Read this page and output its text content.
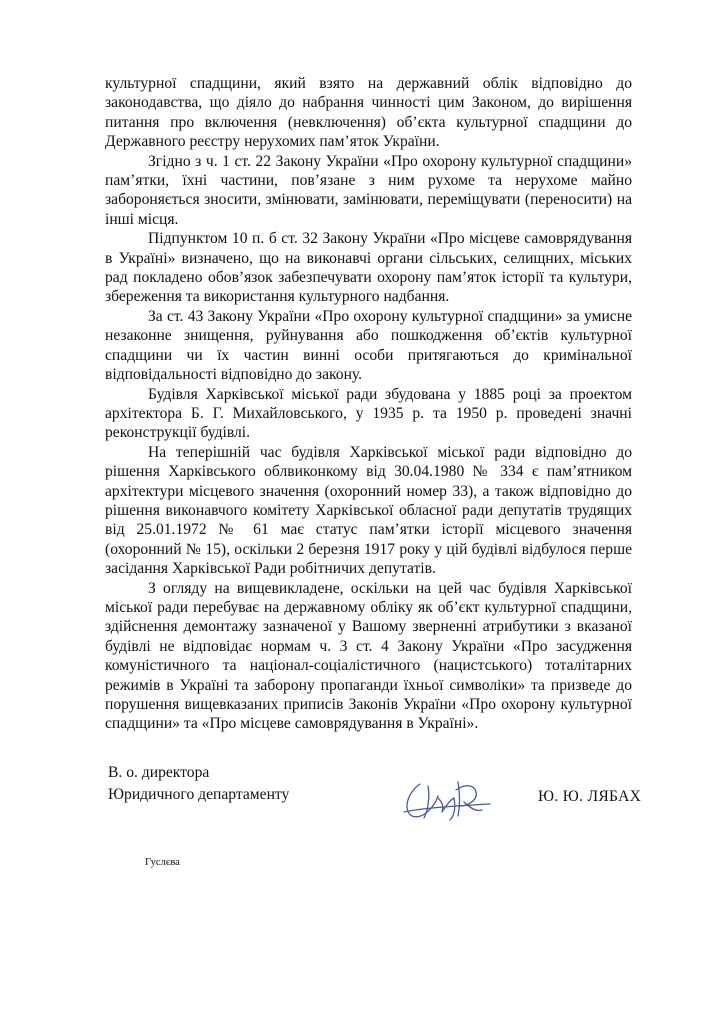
культурної спадщини, який взято на державний облік відповідно до законодавства, що діяло до набрання чинності цим Законом, до вирішення питання про включення (невключення) об’єкта культурної спадщини до Державного реєстру нерухомих пам’яток України.

Згідно з ч. 1 ст. 22 Закону України «Про охорону культурної спадщини» пам’ятки, їхні частини, пов’язане з ним рухоме та нерухоме майно забороняється зносити, змінювати, замінювати, переміщувати (переносити) на інші місця.

Підпунктом 10 п. б ст. 32 Закону України «Про місцеве самоврядування в Україні» визначено, що на виконавчі органи сільських, селищних, міських рад покладено обов’язок забезпечувати охорону пам’яток історії та культури, збереження та використання культурного надбання.

За ст. 43 Закону України «Про охорону культурної спадщини» за умисне незаконне знищення, руйнування або пошкодження об’єктів культурної спадщини чи їх частин винні особи притягаються до кримінальної відповідальності відповідно до закону.

Будівля Харківської міської ради збудована у 1885 році за проектом архітектора Б. Г. Михайловського, у 1935 р. та 1950 р. проведені значні реконструкції будівлі.

На теперішній час будівля Харківської міської ради відповідно до рішення Харківського облвиконкому від 30.04.1980 № 334 є пам’ятником архітектури місцевого значення (охоронний номер 33), а також відповідно до рішення виконавчого комітету Харківської обласної ради депутатів трудящих від 25.01.1972 № 61 має статус пам’ятки історії місцевого значення (охоронний № 15), оскільки 2 березня 1917 року у цій будівлі відбулося перше засідання Харківської Ради робітничих депутатів.

З огляду на вищевикладене, оскільки на цей час будівля Харківської міської ради перебуває на державному обліку як об’єкт культурної спадщини, здійснення демонтажу зазначеної у Вашому зверненні атрибутики з вказаної будівлі не відповідає нормам ч. 3 ст. 4 Закону України «Про засудження комуністичного та націонал-соціалістичного (нацистського) тоталітарних режимів в Україні та заборону пропаганди їхньої символіки» та призведе до порушення вищевказаних приписів Законів України «Про охорону культурної спадщини» та «Про місцеве самоврядування в Україні».

В. о. директора
Юридичного департаменту	Ю. Ю. ЛЯБАХ
Гуслєва
